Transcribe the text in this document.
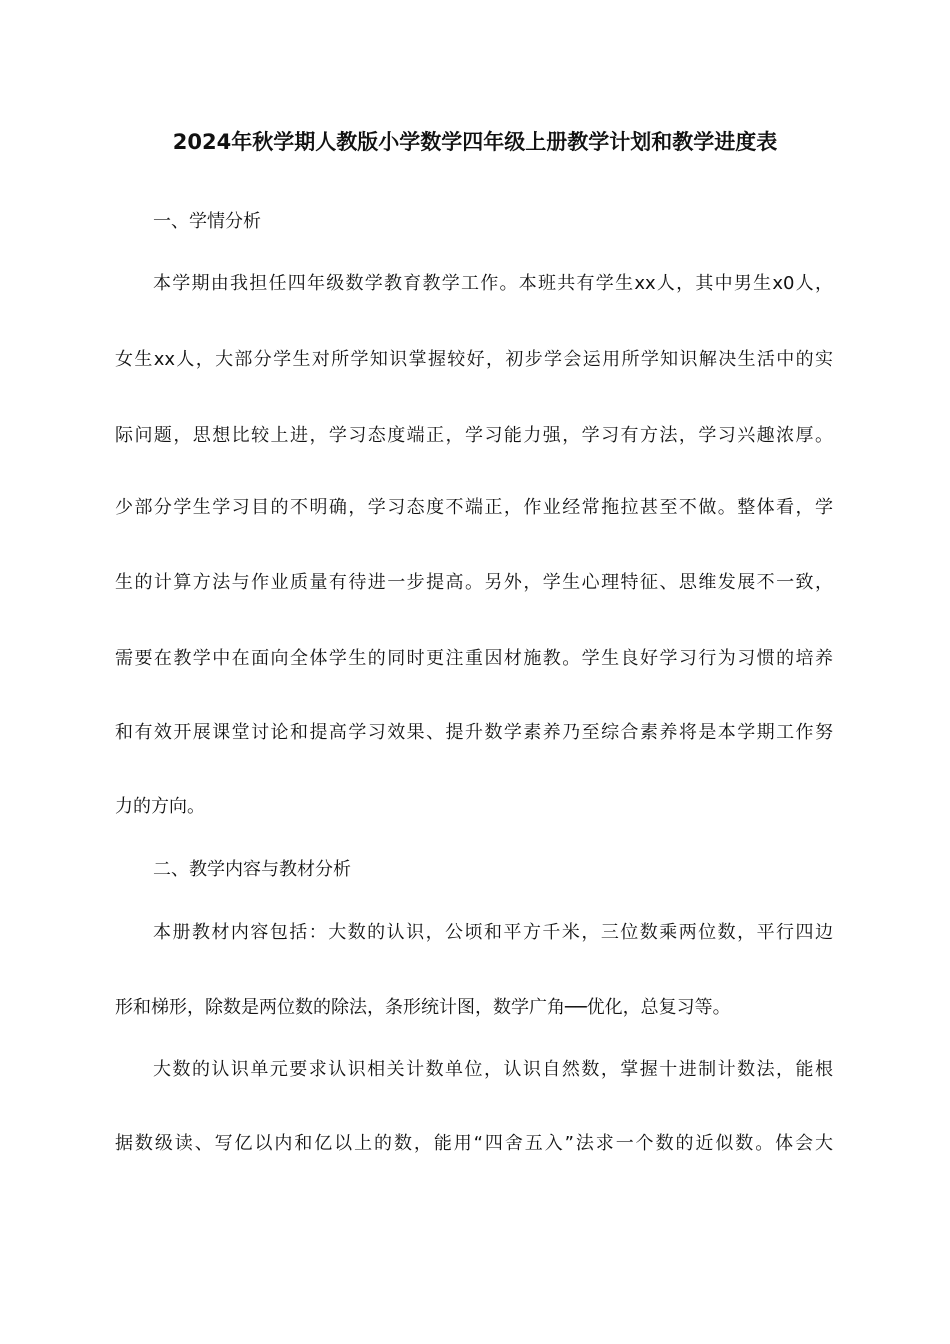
2024年秋学期人教版小学数学四年级上册教学计划和教学进度表
一、学情分析
本学期由我担任四年级数学教育教学工作。本班共有学生xx人，其中男生x0人，
女生xx人，大部分学生对所学知识掌握较好，初步学会运用所学知识解决生活中的实
际问题，思想比较上进，学习态度端正，学习能力强，学习有方法，学习兴趣浓厚。
少部分学生学习目的不明确，学习态度不端正，作业经常拖拉甚至不做。整体看，学
生的计算方法与作业质量有待进一步提高。另外，学生心理特征、思维发展不一致，
需要在教学中在面向全体学生的同时更注重因材施教。学生良好学习行为习惯的培养
和有效开展课堂讨论和提高学习效果、提升数学素养乃至综合素养将是本学期工作努
力的方向。
二、教学内容与教材分析
本册教材内容包括：大数的认识，公顷和平方千米，三位数乘两位数，平行四边
形和梯形，除数是两位数的除法，条形统计图，数学广角──优化，总复习等。
大数的认识单元要求认识相关计数单位，认识自然数，掌握十进制计数法，能根
据数级读、写亿以内和亿以上的数，能用“四舍五入”法求一个数的近似数。体会大
